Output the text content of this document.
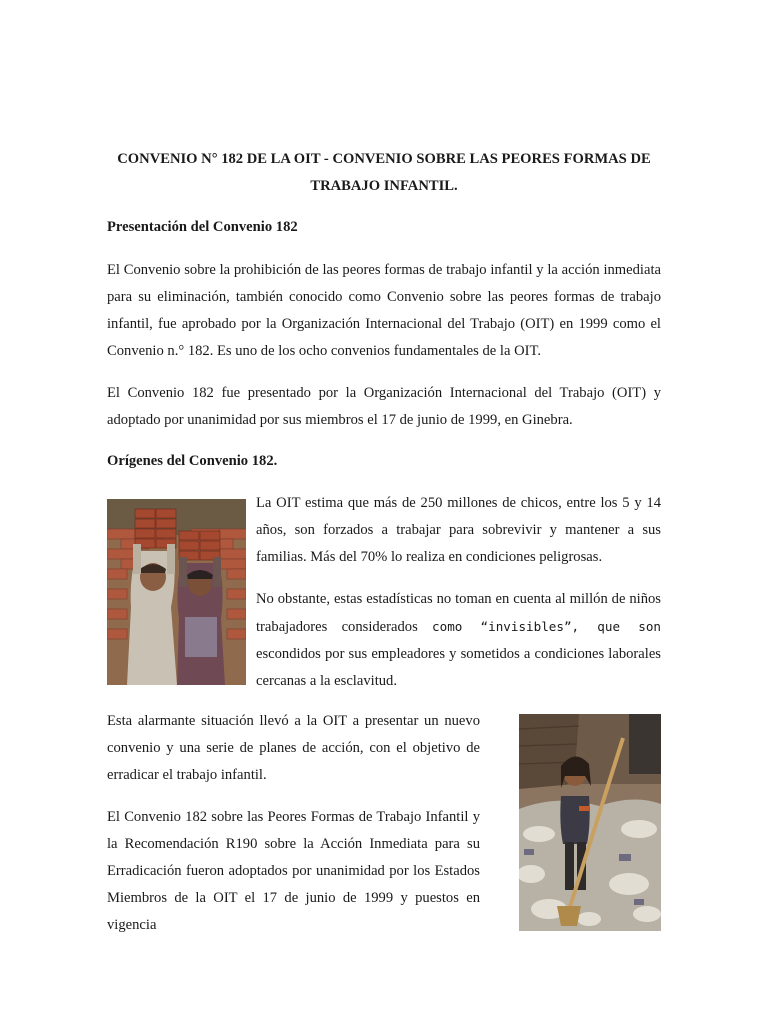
CONVENIO N° 182 DE LA OIT - CONVENIO SOBRE LAS PEORES FORMAS DE
TRABAJO INFANTIL.
Presentación del Convenio 182

El Convenio sobre la prohibición de las peores formas de trabajo infantil y la acción inmediata para su eliminación, también conocido como Convenio sobre las peores formas de trabajo infantil, fue aprobado por la Organización Internacional del Trabajo (OIT) en 1999 como el Convenio n.° 182. Es uno de los ocho convenios fundamentales de la OIT.

El Convenio 182 fue presentado por la Organización Internacional del Trabajo (OIT) y adoptado por unanimidad por sus miembros el 17 de junio de 1999, en Ginebra.

Orígenes del Convenio 182.

La OIT estima que más de 250 millones de chicos, entre los 5 y 14 años, son forzados a trabajar para sobrevivir y mantener a sus familias. Más del 70% lo realiza en condiciones peligrosas.

No obstante, estas estadísticas no toman en cuenta al millón de niños trabajadores considerados como “invisibles”, que son escondidos por sus empleadores y sometidos a condiciones laborales cercanas a la esclavitud.

Esta alarmante situación llevó a la OIT a presentar un nuevo convenio y una serie de planes de acción, con el objetivo de erradicar el trabajo infantil.

El Convenio 182 sobre las Peores Formas de Trabajo Infantil y la Recomendación R190 sobre la Acción Inmediata para su Erradicación fueron adoptados por unanimidad por los Estados Miembros de la OIT el 17 de junio de 1999 y puestos en vigencia
